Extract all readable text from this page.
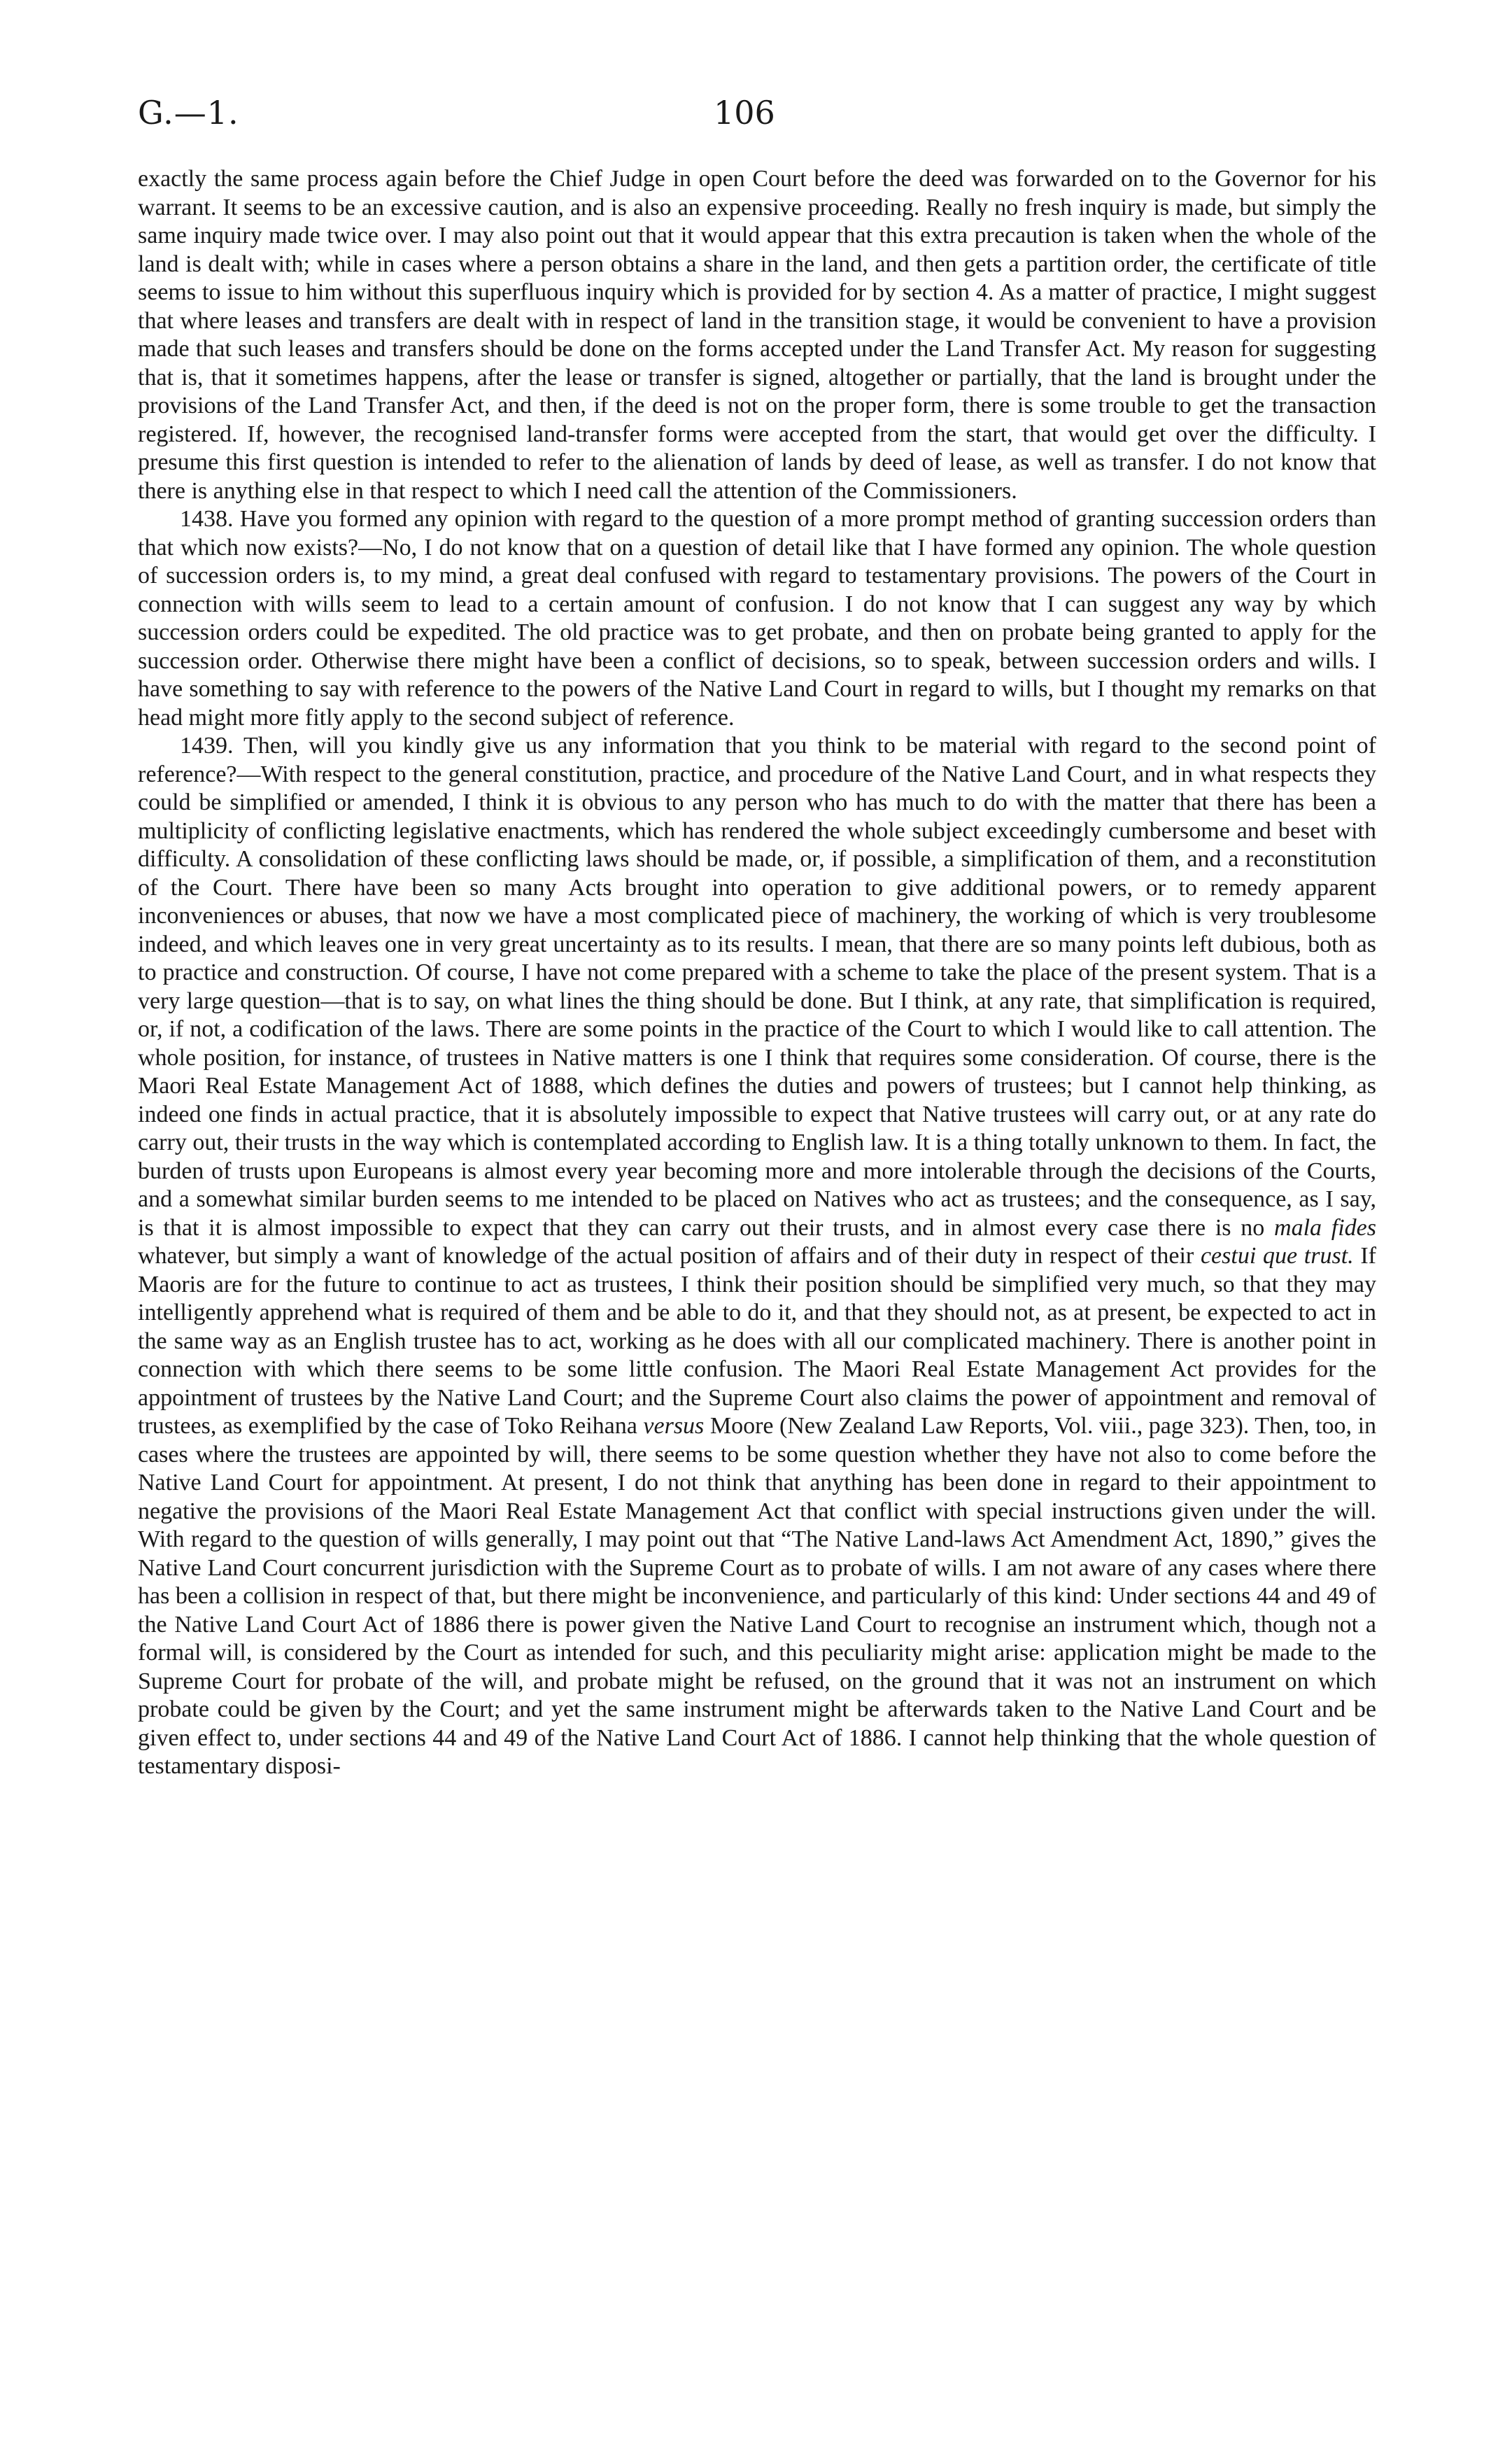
G.—1.	106

exactly the same process again before the Chief Judge in open Court before the deed was forwarded on to the Governor for his warrant. It seems to be an excessive caution, and is also an expensive proceeding. Really no fresh inquiry is made, but simply the same inquiry made twice over. I may also point out that it would appear that this extra precaution is taken when the whole of the land is dealt with; while in cases where a person obtains a share in the land, and then gets a partition order, the certificate of title seems to issue to him without this superfluous inquiry which is provided for by section 4. As a matter of practice, I might suggest that where leases and transfers are dealt with in respect of land in the transition stage, it would be convenient to have a provision made that such leases and transfers should be done on the forms accepted under the Land Transfer Act. My reason for suggesting that is, that it sometimes happens, after the lease or transfer is signed, altogether or partially, that the land is brought under the provisions of the Land Transfer Act, and then, if the deed is not on the proper form, there is some trouble to get the transaction registered. If, however, the recognised land-transfer forms were accepted from the start, that would get over the difficulty. I presume this first question is intended to refer to the alienation of lands by deed of lease, as well as transfer. I do not know that there is anything else in that respect to which I need call the attention of the Commissioners.

1438. Have you formed any opinion with regard to the question of a more prompt method of granting succession orders than that which now exists?—No, I do not know that on a question of detail like that I have formed any opinion. The whole question of succession orders is, to my mind, a great deal confused with regard to testamentary provisions. The powers of the Court in connection with wills seem to lead to a certain amount of confusion. I do not know that I can suggest any way by which succession orders could be expedited. The old practice was to get probate, and then on probate being granted to apply for the succession order. Otherwise there might have been a conflict of decisions, so to speak, between succession orders and wills. I have something to say with reference to the powers of the Native Land Court in regard to wills, but I thought my remarks on that head might more fitly apply to the second subject of reference.

1439. Then, will you kindly give us any information that you think to be material with regard to the second point of reference?—With respect to the general constitution, practice, and procedure of the Native Land Court, and in what respects they could be simplified or amended, I think it is obvious to any person who has much to do with the matter that there has been a multiplicity of conflicting legislative enactments, which has rendered the whole subject exceedingly cumbersome and beset with difficulty. A consolidation of these conflicting laws should be made, or, if possible, a simplification of them, and a reconstitution of the Court. There have been so many Acts brought into operation to give additional powers, or to remedy apparent inconveniences or abuses, that now we have a most complicated piece of machinery, the working of which is very troublesome indeed, and which leaves one in very great uncertainty as to its results. I mean, that there are so many points left dubious, both as to practice and construction. Of course, I have not come prepared with a scheme to take the place of the present system. That is a very large question—that is to say, on what lines the thing should be done. But I think, at any rate, that simplification is required, or, if not, a codification of the laws. There are some points in the practice of the Court to which I would like to call attention. The whole position, for instance, of trustees in Native matters is one I think that requires some consideration. Of course, there is the Maori Real Estate Management Act of 1888, which defines the duties and powers of trustees; but I cannot help thinking, as indeed one finds in actual practice, that it is absolutely impossible to expect that Native trustees will carry out, or at any rate do carry out, their trusts in the way which is contemplated according to English law. It is a thing totally unknown to them. In fact, the burden of trusts upon Europeans is almost every year becoming more and more intolerable through the decisions of the Courts, and a somewhat similar burden seems to me intended to be placed on Natives who act as trustees; and the consequence, as I say, is that it is almost impossible to expect that they can carry out their trusts, and in almost every case there is no mala fides whatever, but simply a want of knowledge of the actual position of affairs and of their duty in respect of their cestui que trust. If Maoris are for the future to continue to act as trustees, I think their position should be simplified very much, so that they may intelligently apprehend what is required of them and be able to do it, and that they should not, as at present, be expected to act in the same way as an English trustee has to act, working as he does with all our complicated machinery. There is another point in connection with which there seems to be some little confusion. The Maori Real Estate Management Act provides for the appointment of trustees by the Native Land Court; and the Supreme Court also claims the power of appointment and removal of trustees, as exemplified by the case of Toko Reihana versus Moore (New Zealand Law Reports, Vol. viii., page 323). Then, too, in cases where the trustees are appointed by will, there seems to be some question whether they have not also to come before the Native Land Court for appointment. At present, I do not think that anything has been done in regard to their appointment to negative the provisions of the Maori Real Estate Management Act that conflict with special instructions given under the will. With regard to the question of wills generally, I may point out that “The Native Land-laws Act Amendment Act, 1890,” gives the Native Land Court concurrent jurisdiction with the Supreme Court as to probate of wills. I am not aware of any cases where there has been a collision in respect of that, but there might be inconvenience, and particularly of this kind: Under sections 44 and 49 of the Native Land Court Act of 1886 there is power given the Native Land Court to recognise an instrument which, though not a formal will, is considered by the Court as intended for such, and this peculiarity might arise: application might be made to the Supreme Court for probate of the will, and probate might be refused, on the ground that it was not an instrument on which probate could be given by the Court; and yet the same instrument might be afterwards taken to the Native Land Court and be given effect to, under sections 44 and 49 of the Native Land Court Act of 1886. I cannot help thinking that the whole question of testamentary disposi-
